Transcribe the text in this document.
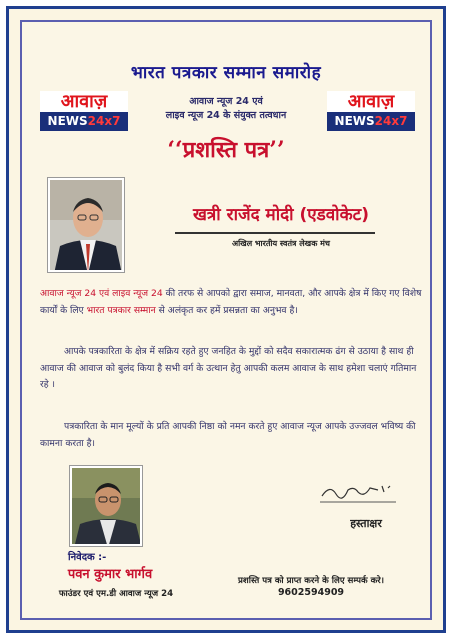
भारत पत्रकार सम्मान समारोह
आवाज़
NEWS24x7
आवाज न्यूज 24 एवं
लाइव न्यूज 24 के संयुक्त तत्वधान
आवाज़
NEWS24x7
‘‘प्रशस्ति पत्र’’
खत्री राजेंद मोदी (एडवोकेट)
अखिल भारतीय स्वतंत्र लेखक मंच
आवाज न्यूज 24 एवं लाइव न्यूज 24 की तरफ से आपको द्वारा समाज, मानवता, और आपके क्षेत्र में किए गए विशेष कार्यों के लिए भारत पत्रकार सम्मान से अलंकृत कर हमें प्रसन्नता का अनुभव है।
आपके पत्रकारिता के क्षेत्र में सक्रिय रहते हुए जनहित के मुद्दों को सदैव सकारात्मक ढंग से उठाया है साथ ही आवाज की आवाज को बुलंद किया है सभी वर्ग के उत्थान हेतु आपकी कलम आवाज के साथ हमेशा चलाएं गतिमान रहे ।
पत्रकारिता के मान मूल्यों के प्रति आपकी निष्ठा को नमन करते हुए आवाज न्यूज आपके उज्जवल भविष्य की कामना करता है।
हस्ताक्षर
निवेदक :-
पवन कुमार भार्गव
फाउंडर एवं एम.डी आवाज न्यूज 24
प्रशस्ति पत्र को प्राप्त करने के लिए सम्पर्क करे।
9602594909
